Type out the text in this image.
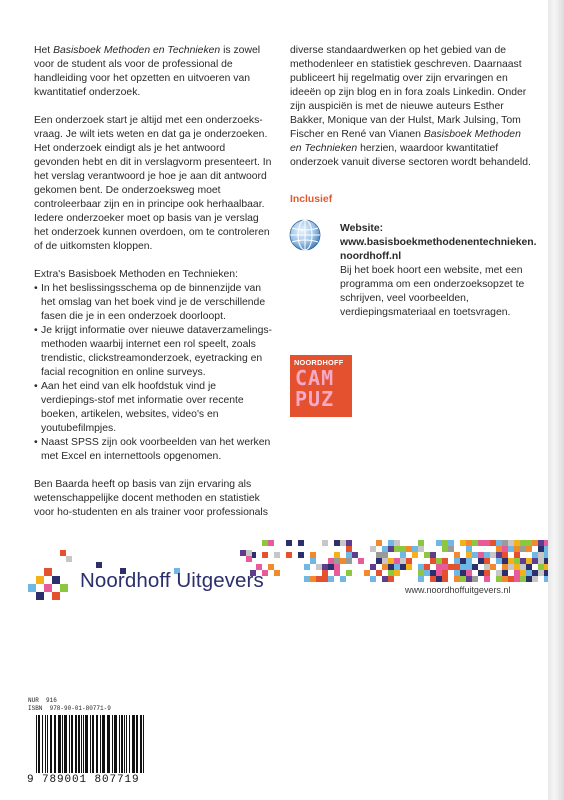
Het Basisboek Methoden en Technieken is zowel voor de student als voor de professional de handleiding voor het opzetten en uitvoeren van kwantitatief onderzoek.

Een onderzoek start je altijd met een onderzoeks-vraag. Je wilt iets weten en dat ga je onderzoeken. Het onderzoek eindigt als je het antwoord gevonden hebt en dit in verslagvorm presenteert. In het verslag verantwoord je hoe je aan dit antwoord gekomen bent. De onderzoeksweg moet controleerbaar zijn en in principe ook herhaalbaar. Iedere onderzoeker moet op basis van je verslag het onderzoek kunnen overdoen, om te controleren of de uitkomsten kloppen.

Extra's Basisboek Methoden en Technieken:
• In het beslissingsschema op de binnenzijde van het omslag van het boek vind je de verschillende fasen die je in een onderzoek doorloopt.
• Je krijgt informatie over nieuwe dataverzamelings-methoden waarbij internet een rol speelt, zoals trendistic, clickstreamonderzoek, eyetracking en facial recognition en online surveys.
• Aan het eind van elk hoofdstuk vind je verdiepings-stof met informatie over recente boeken, artikelen, websites, video's en youtubefilmpjes.
• Naast SPSS zijn ook voorbeelden van het werken met Excel en internettools opgenomen.

Ben Baarda heeft op basis van zijn ervaring als wetenschappelijke docent methoden en statistiek voor ho-studenten en als trainer voor professionals

diverse standaardwerken op het gebied van de methodenleer en statistiek geschreven. Daarnaast publiceert hij regelmatig over zijn ervaringen en ideeën op zijn blog en in fora zoals Linkedin. Onder zijn auspiciën is met de nieuwe auteurs Esther Bakker, Monique van der Hulst, Mark Julsing, Tom Fischer en René van Vianen Basisboek Methoden en Technieken herzien, waardoor kwantitatief onderzoek vanuit diverse sectoren wordt behandeld.

Inclusief
Website:
www.basisboekmethodenentechnieken.
noordhoff.nl
Bij het boek hoort een website, met een programma om een onderzoeksopzet te schrijven, veel voorbeelden, verdiepingsmateriaal en toetsvragen.
NOORDHOFF
CAM
PUZ
Noordhoff Uitgevers	www.noordhoffuitgevers.nl
NUR  916
ISBN  978-90-01-80771-9
9 789001 807719
